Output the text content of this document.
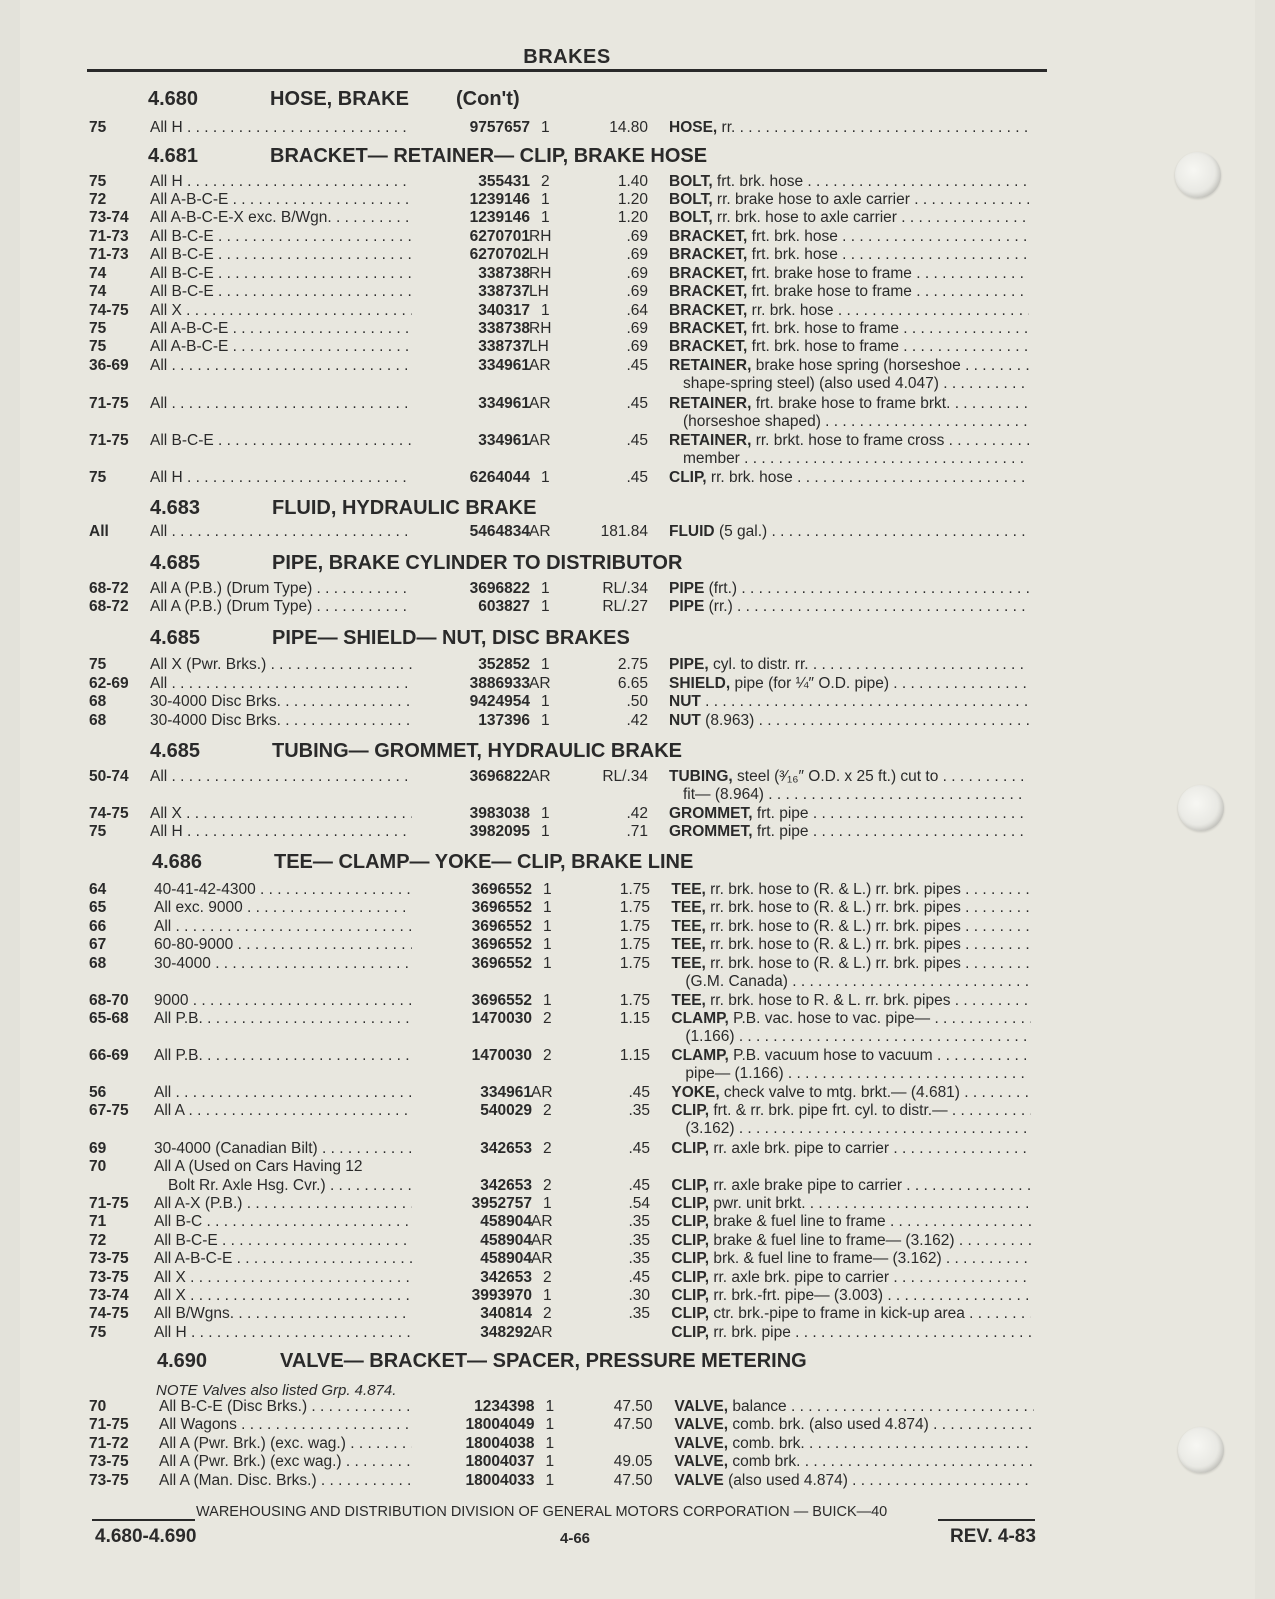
BRAKES
4.680	HOSE, BRAKE (Con't)
75	All H . . .	9757657 1	14.80 HOSE, rr. . . .
4.681	BRACKET— RETAINER— CLIP, BRAKE HOSE
75	All H . . .	355431 2	1.40 BOLT, frt. brk. hose . . .
72	All A-B-C-E . . .	1239146 1	1.20 BOLT, rr. brake hose to axle carrier . . .
73-74	All A-B-C-E-X exc. B/Wgn. . . .	1239146 1	1.20 BOLT, rr. brk. hose to axle carrier . . .
71-73	All B-C-E . . .	6270701 RH	.69 BRACKET, frt. brk. hose . . .
71-73	All B-C-E . . .	6270702 LH	.69 BRACKET, frt. brk. hose . . .
74	All B-C-E . . .	338738 RH	.69 BRACKET, frt. brake hose to frame . . .
74	All B-C-E . . .	338737 LH	.69 BRACKET, frt. brake hose to frame . . .
74-75	All X . . .	340317 1	.64 BRACKET, rr. brk. hose . . .
75	All A-B-C-E . . .	338738 RH	.69 BRACKET, frt. brk. hose to frame . . .
75	All A-B-C-E . . .	338737 LH	.69 BRACKET, frt. brk. hose to frame . . .
36-69	All . . .	334961 AR	.45 RETAINER, brake hose spring (horseshoe . . .
shape-spring steel) (also used 4.047) . . .
71-75	All . . .	334961 AR	.45 RETAINER, frt. brake hose to frame brkt. . . .
(horseshoe shaped) . . .
71-75	All B-C-E . . .	334961 AR	.45 RETAINER, rr. brkt. hose to frame cross . . .
member . . .
75	All H . . .	6264044 1	.45 CLIP, rr. brk. hose . . .
4.683	FLUID, HYDRAULIC BRAKE
All	All . . .	5464834 AR	181.84 FLUID (5 gal.) . . .
4.685	PIPE, BRAKE CYLINDER TO DISTRIBUTOR
68-72	All A (P.B.) (Drum Type) . . .	3696822 1	RL/.34 PIPE (frt.) . . .
68-72	All A (P.B.) (Drum Type) . . .	603827 1	RL/.27 PIPE (rr.) . . .
4.685	PIPE— SHIELD— NUT, DISC BRAKES
75	All X (Pwr. Brks.) . . .	352852 1	2.75 PIPE, cyl. to distr. rr. . . .
62-69	All . . .	3886933 AR	6.65 SHIELD, pipe (for ¼″ O.D. pipe) . . .
68	30-4000 Disc Brks. . . .	9424954 1	.50 NUT . . .
68	30-4000 Disc Brks. . . .	137396 1	.42 NUT (8.963) . . .
4.685	TUBING— GROMMET, HYDRAULIC BRAKE
50-74	All . . .	3696822 AR	RL/.34 TUBING, steel (³⁄₁₆″ O.D. x 25 ft.) cut to . . .
fit— (8.964) . . .
74-75	All X . . .	3983038 1	.42 GROMMET, frt. pipe . . .
75	All H . . .	3982095 1	.71 GROMMET, frt. pipe . . .
4.686	TEE— CLAMP— YOKE— CLIP, BRAKE LINE
64	40-41-42-4300 . . .	3696552 1	1.75 TEE, rr. brk. hose to (R. & L.) rr. brk. pipes . . .
65	All exc. 9000 . . .	3696552 1	1.75 TEE, rr. brk. hose to (R. & L.) rr. brk. pipes . . .
66	All . . .	3696552 1	1.75 TEE, rr. brk. hose to (R. & L.) rr. brk. pipes . . .
67	60-80-9000 . . .	3696552 1	1.75 TEE, rr. brk. hose to (R. & L.) rr. brk. pipes . . .
68	30-4000 . . .	3696552 1	1.75 TEE, rr. brk. hose to (R. & L.) rr. brk. pipes . . .
(G.M. Canada) . . .
68-70	9000 . . .	3696552 1	1.75 TEE, rr. brk. hose to R. & L. rr. brk. pipes . . .
65-68	All P.B. . . .	1470030 2	1.15 CLAMP, P.B. vac. hose to vac. pipe— . . .
(1.166) . . .
66-69	All P.B. . . .	1470030 2	1.15 CLAMP, P.B. vacuum hose to vacuum . . .
pipe— (1.166) . . .
56	All . . .	334961 AR	.45 YOKE, check valve to mtg. brkt.— (4.681) . . .
67-75	All A . . .	540029 2	.35 CLIP, frt. & rr. brk. pipe frt. cyl. to distr.— . . .
(3.162) . . .
69	30-4000 (Canadian Bilt) . . .	342653 2	.45 CLIP, rr. axle brk. pipe to carrier . . .
70	All A (Used on Cars Having 12
Bolt Rr. Axle Hsg. Cvr.) . . .	342653 2	.45 CLIP, rr. axle brake pipe to carrier . . .
71-75	All A-X (P.B.) . . .	3952757 1	.54 CLIP, pwr. unit brkt. . . .
71	All B-C . . .	458904 AR	.35 CLIP, brake & fuel line to frame . . .
72	All B-C-E . . .	458904 AR	.35 CLIP, brake & fuel line to frame— (3.162) . . .
73-75	All A-B-C-E . . .	458904 AR	.35 CLIP, brk. & fuel line to frame— (3.162) . . .
73-75	All X . . .	342653 2	.45 CLIP, rr. axle brk. pipe to carrier . . .
73-74	All X . . .	3993970 1	.30 CLIP, rr. brk.-frt. pipe— (3.003) . . .
74-75	All B/Wgns. . . .	340814 2	.35 CLIP, ctr. brk.-pipe to frame in kick-up area . . .
75	All H . . .	348292 AR	CLIP, rr. brk. pipe . . .
4.690	VALVE— BRACKET— SPACER, PRESSURE METERING
NOTE Valves also listed Grp. 4.874.
70	All B-C-E (Disc Brks.) . . .	1234398 1	47.50 VALVE, balance . . .
71-75	All Wagons . . .	18004049 1	47.50 VALVE, comb. brk. (also used 4.874) . . .
71-72	All A (Pwr. Brk.) (exc. wag.) . . .	18004038 1	VALVE, comb. brk. . . .
73-75	All A (Pwr. Brk.) (exc wag.) . . .	18004037 1	49.05 VALVE, comb brk. . . .
73-75	All A (Man. Disc. Brks.) . . .	18004033 1	47.50 VALVE (also used 4.874) . . .
WAREHOUSING AND DISTRIBUTION DIVISION OF GENERAL MOTORS CORPORATION — BUICK—40
4.680-4.690	4-66	REV. 4-83
